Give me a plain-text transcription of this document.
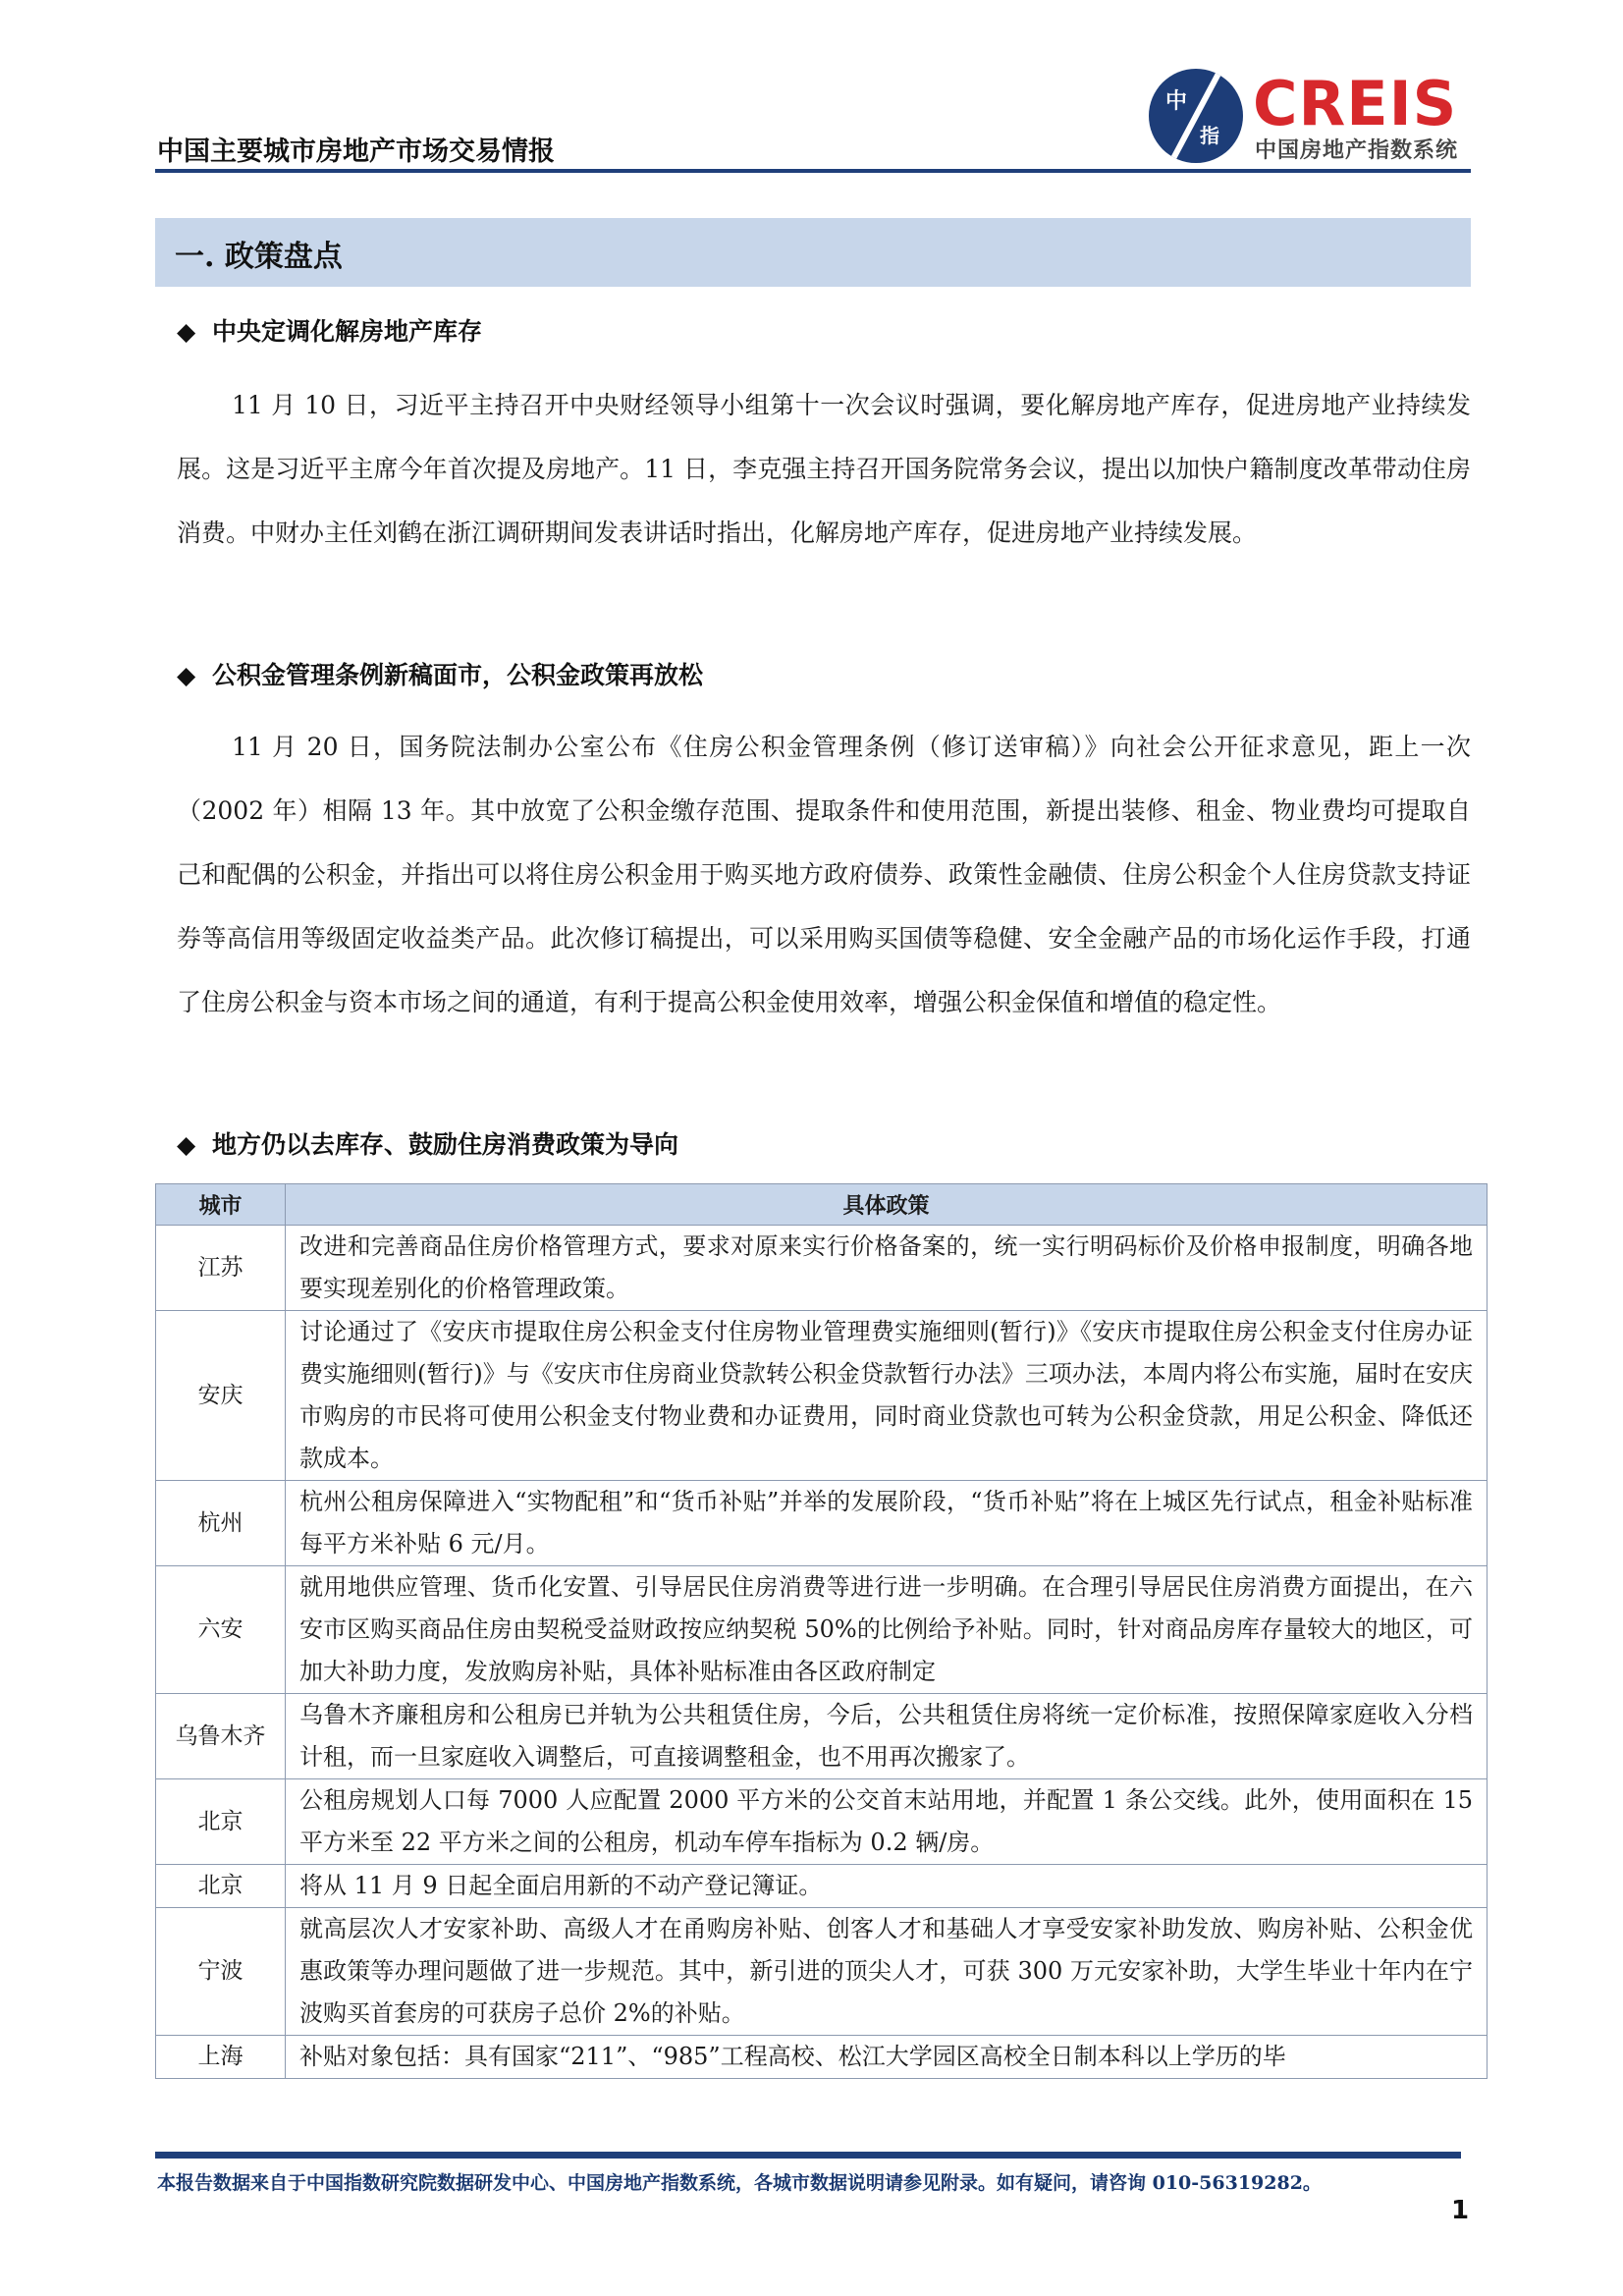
中国主要城市房地产市场交易情报
中
指 CREIS
中国房地产指数系统
一. 政策盘点
◆ 中央定调化解房地产库存
11 月 10 日，习近平主持召开中央财经领导小组第十一次会议时强调，要化解房地产库存，促进房地产业持续发展。这是习近平主席今年首次提及房地产。11 日，李克强主持召开国务院常务会议，提出以加快户籍制度改革带动住房消费。中财办主任刘鹤在浙江调研期间发表讲话时指出，化解房地产库存，促进房地产业持续发展。
◆ 公积金管理条例新稿面市，公积金政策再放松
11 月 20 日，国务院法制办公室公布《住房公积金管理条例（修订送审稿）》向社会公开征求意见，距上一次（2002 年）相隔 13 年。其中放宽了公积金缴存范围、提取条件和使用范围，新提出装修、租金、物业费均可提取自己和配偶的公积金，并指出可以将住房公积金用于购买地方政府债券、政策性金融债、住房公积金个人住房贷款支持证券等高信用等级固定收益类产品。此次修订稿提出，可以采用购买国债等稳健、安全金融产品的市场化运作手段，打通了住房公积金与资本市场之间的通道，有利于提高公积金使用效率，增强公积金保值和增值的稳定性。
◆ 地方仍以去库存、鼓励住房消费政策为导向
城市	具体政策
江苏	改进和完善商品住房价格管理方式，要求对原来实行价格备案的，统一实行明码标价及价格申报制度，明确各地要实现差别化的价格管理政策。
安庆	讨论通过了《安庆市提取住房公积金支付住房物业管理费实施细则(暂行)》《安庆市提取住房公积金支付住房办证费实施细则(暂行)》与《安庆市住房商业贷款转公积金贷款暂行办法》三项办法，本周内将公布实施，届时在安庆市购房的市民将可使用公积金支付物业费和办证费用，同时商业贷款也可转为公积金贷款，用足公积金、降低还款成本。
杭州	杭州公租房保障进入“实物配租”和“货币补贴”并举的发展阶段，“货币补贴”将在上城区先行试点，租金补贴标准每平方米补贴 6 元/月。
六安	就用地供应管理、货币化安置、引导居民住房消费等进行进一步明确。在合理引导居民住房消费方面提出，在六安市区购买商品住房由契税受益财政按应纳契税 50%的比例给予补贴。同时，针对商品房库存量较大的地区，可加大补助力度，发放购房补贴，具体补贴标准由各区政府制定
乌鲁木齐	乌鲁木齐廉租房和公租房已并轨为公共租赁住房，今后，公共租赁住房将统一定价标准，按照保障家庭收入分档计租，而一旦家庭收入调整后，可直接调整租金，也不用再次搬家了。
北京	公租房规划人口每 7000 人应配置 2000 平方米的公交首末站用地，并配置 1 条公交线。此外，使用面积在 15 平方米至 22 平方米之间的公租房，机动车停车指标为 0.2 辆/房。
北京	将从 11 月 9 日起全面启用新的不动产登记簿证。
宁波	就高层次人才安家补助、高级人才在甬购房补贴、创客人才和基础人才享受安家补助发放、购房补贴、公积金优惠政策等办理问题做了进一步规范。其中，新引进的顶尖人才，可获 300 万元安家补助，大学生毕业十年内在宁波购买首套房的可获房子总价 2%的补贴。
上海	补贴对象包括：具有国家“211”、“985”工程高校、松江大学园区高校全日制本科以上学历的毕
本报告数据来自于中国指数研究院数据研发中心、中国房地产指数系统，各城市数据说明请参见附录。如有疑问，请咨询 010-56319282。
1
